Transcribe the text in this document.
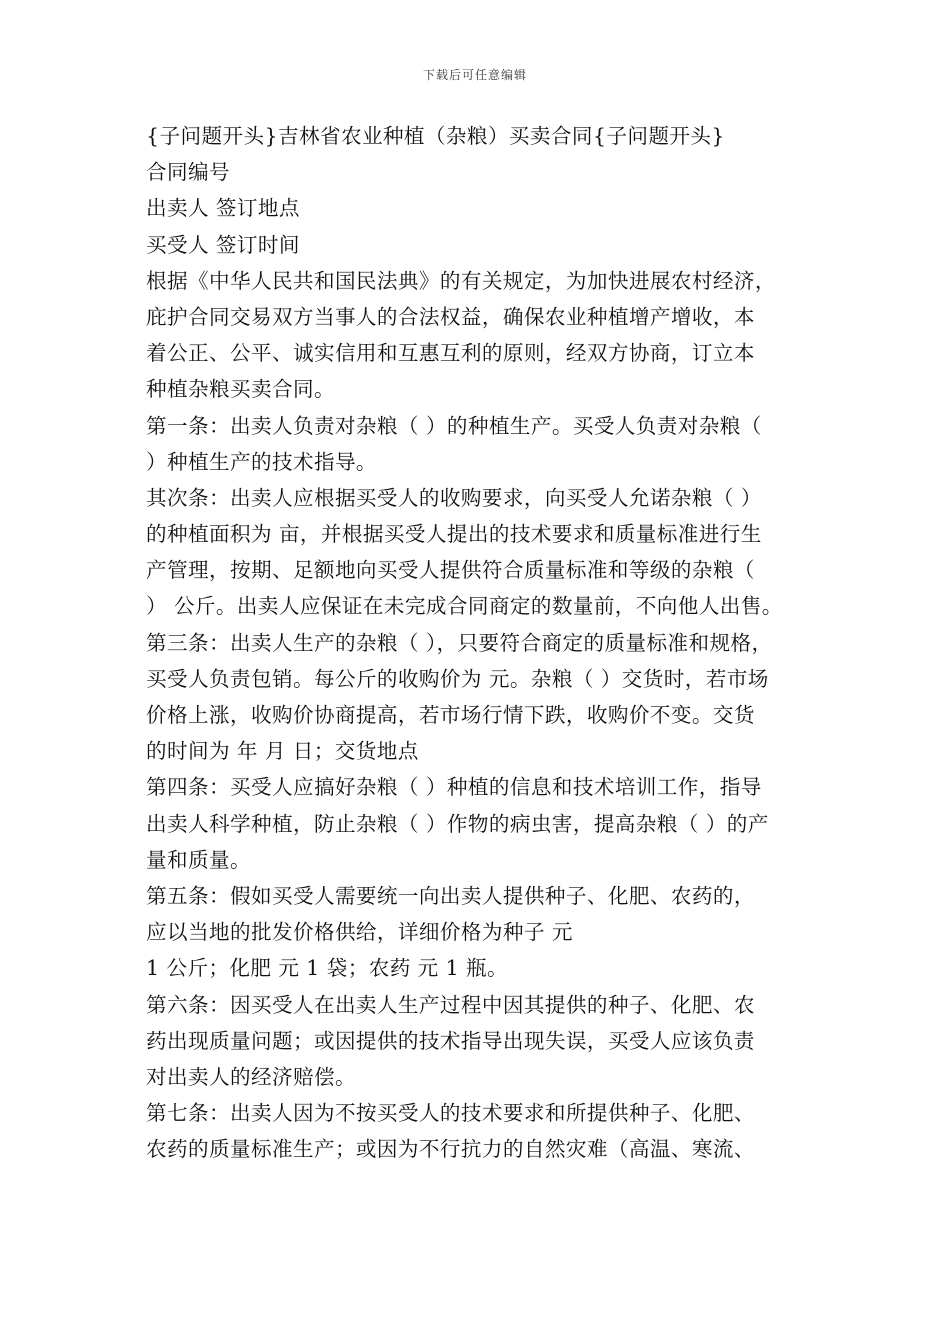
下载后可任意编辑
{子问题开头}吉林省农业种植（杂粮）买卖合同{子问题开头}
合同编号
出卖人 签订地点
买受人 签订时间
根据《中华人民共和国民法典》的有关规定，为加快进展农村经济，
庇护合同交易双方当事人的合法权益，确保农业种植增产增收，本
着公正、公平、诚实信用和互惠互利的原则，经双方协商，订立本
种植杂粮买卖合同。
第一条：出卖人负责对杂粮（ ）的种植生产。买受人负责对杂粮（
）种植生产的技术指导。
其次条：出卖人应根据买受人的收购要求，向买受人允诺杂粮（ ）
的种植面积为 亩，并根据买受人提出的技术要求和质量标准进行生
产管理，按期、足额地向买受人提供符合质量标准和等级的杂粮（
） 公斤。出卖人应保证在未完成合同商定的数量前，不向他人出售。
第三条：出卖人生产的杂粮（ ），只要符合商定的质量标准和规格，
买受人负责包销。每公斤的收购价为 元。杂粮（ ）交货时，若市场
价格上涨，收购价协商提高，若市场行情下跌，收购价不变。交货
的时间为 年 月 日；交货地点
第四条：买受人应搞好杂粮（ ）种植的信息和技术培训工作，指导
出卖人科学种植，防止杂粮（ ）作物的病虫害，提高杂粮（ ）的产
量和质量。
第五条：假如买受人需要统一向出卖人提供种子、化肥、农药的，
应以当地的批发价格供给，详细价格为种子 元
1 公斤；化肥 元 1 袋；农药 元 1 瓶。
第六条：因买受人在出卖人生产过程中因其提供的种子、化肥、农
药出现质量问题；或因提供的技术指导出现失误，买受人应该负责
对出卖人的经济赔偿。
第七条：出卖人因为不按买受人的技术要求和所提供种子、化肥、
农药的质量标准生产；或因为不行抗力的自然灾难（高温、寒流、
